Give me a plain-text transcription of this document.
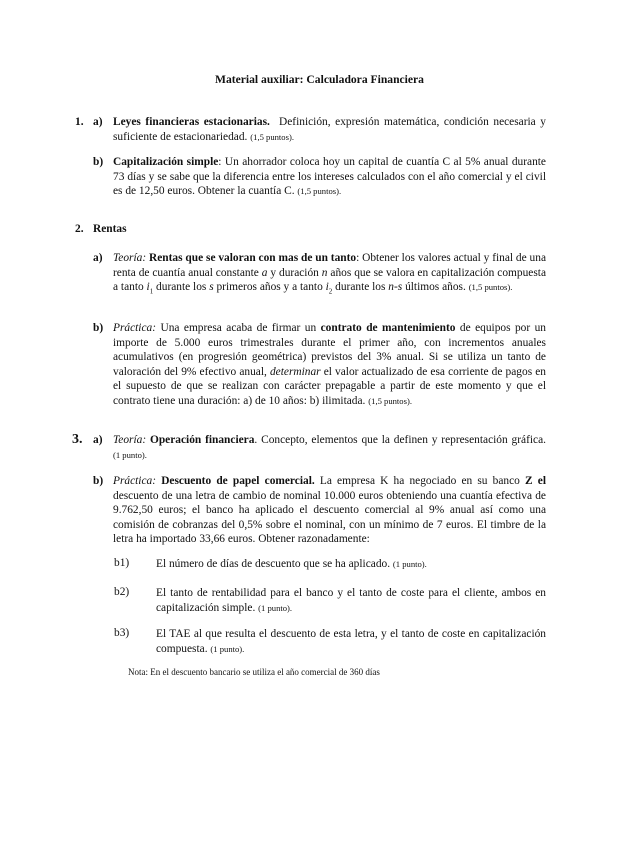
Material auxiliar: Calculadora Financiera
1. a) Leyes financieras estacionarias. Definición, expresión matemática, condición necesaria y suficiente de estacionariedad. (1,5 puntos).
b) Capitalización simple: Un ahorrador coloca hoy un capital de cuantía C al 5% anual durante 73 días y se sabe que la diferencia entre los intereses calculados con el año comercial y el civil es de 12,50 euros. Obtener la cuantía C. (1,5 puntos).
2. Rentas
a) Teoría: Rentas que se valoran con mas de un tanto: Obtener los valores actual y final de una renta de cuantía anual constante a y duración n años que se valora en capitalización compuesta a tanto $i_1$ durante los s primeros años y a tanto $i_2$ durante los n-s últimos años. (1,5 puntos).
b) Práctica: Una empresa acaba de firmar un contrato de mantenimiento de equipos por un importe de 5.000 euros trimestrales durante el primer año, con incrementos anuales acumulativos (en progresión geométrica) previstos del 3% anual. Si se utiliza un tanto de valoración del 9% efectivo anual, determinar el valor actualizado de esa corriente de pagos en el supuesto de que se realizan con carácter prepagable a partir de este momento y que el contrato tiene una duración: a) de 10 años: b) ilimitada. (1,5 puntos).
3. a) Teoría: Operación financiera. Concepto, elementos que la definen y representación gráfica. (1 punto).
b) Práctica: Descuento de papel comercial. La empresa K ha negociado en su banco Z el descuento de una letra de cambio de nominal 10.000 euros obteniendo una cuantía efectiva de 9.762,50 euros; el banco ha aplicado el descuento comercial al 9% anual así como una comisión de cobranzas del 0,5% sobre el nominal, con un mínimo de 7 euros. El timbre de la letra ha importado 33,66 euros. Obtener razonadamente:
b1) El número de días de descuento que se ha aplicado. (1 punto).
b2) El tanto de rentabilidad para el banco y el tanto de coste para el cliente, ambos en capitalización simple. (1 punto).
b3) El TAE al que resulta el descuento de esta letra, y el tanto de coste en capitalización compuesta. (1 punto).
Nota: En el descuento bancario se utiliza el año comercial de 360 días
